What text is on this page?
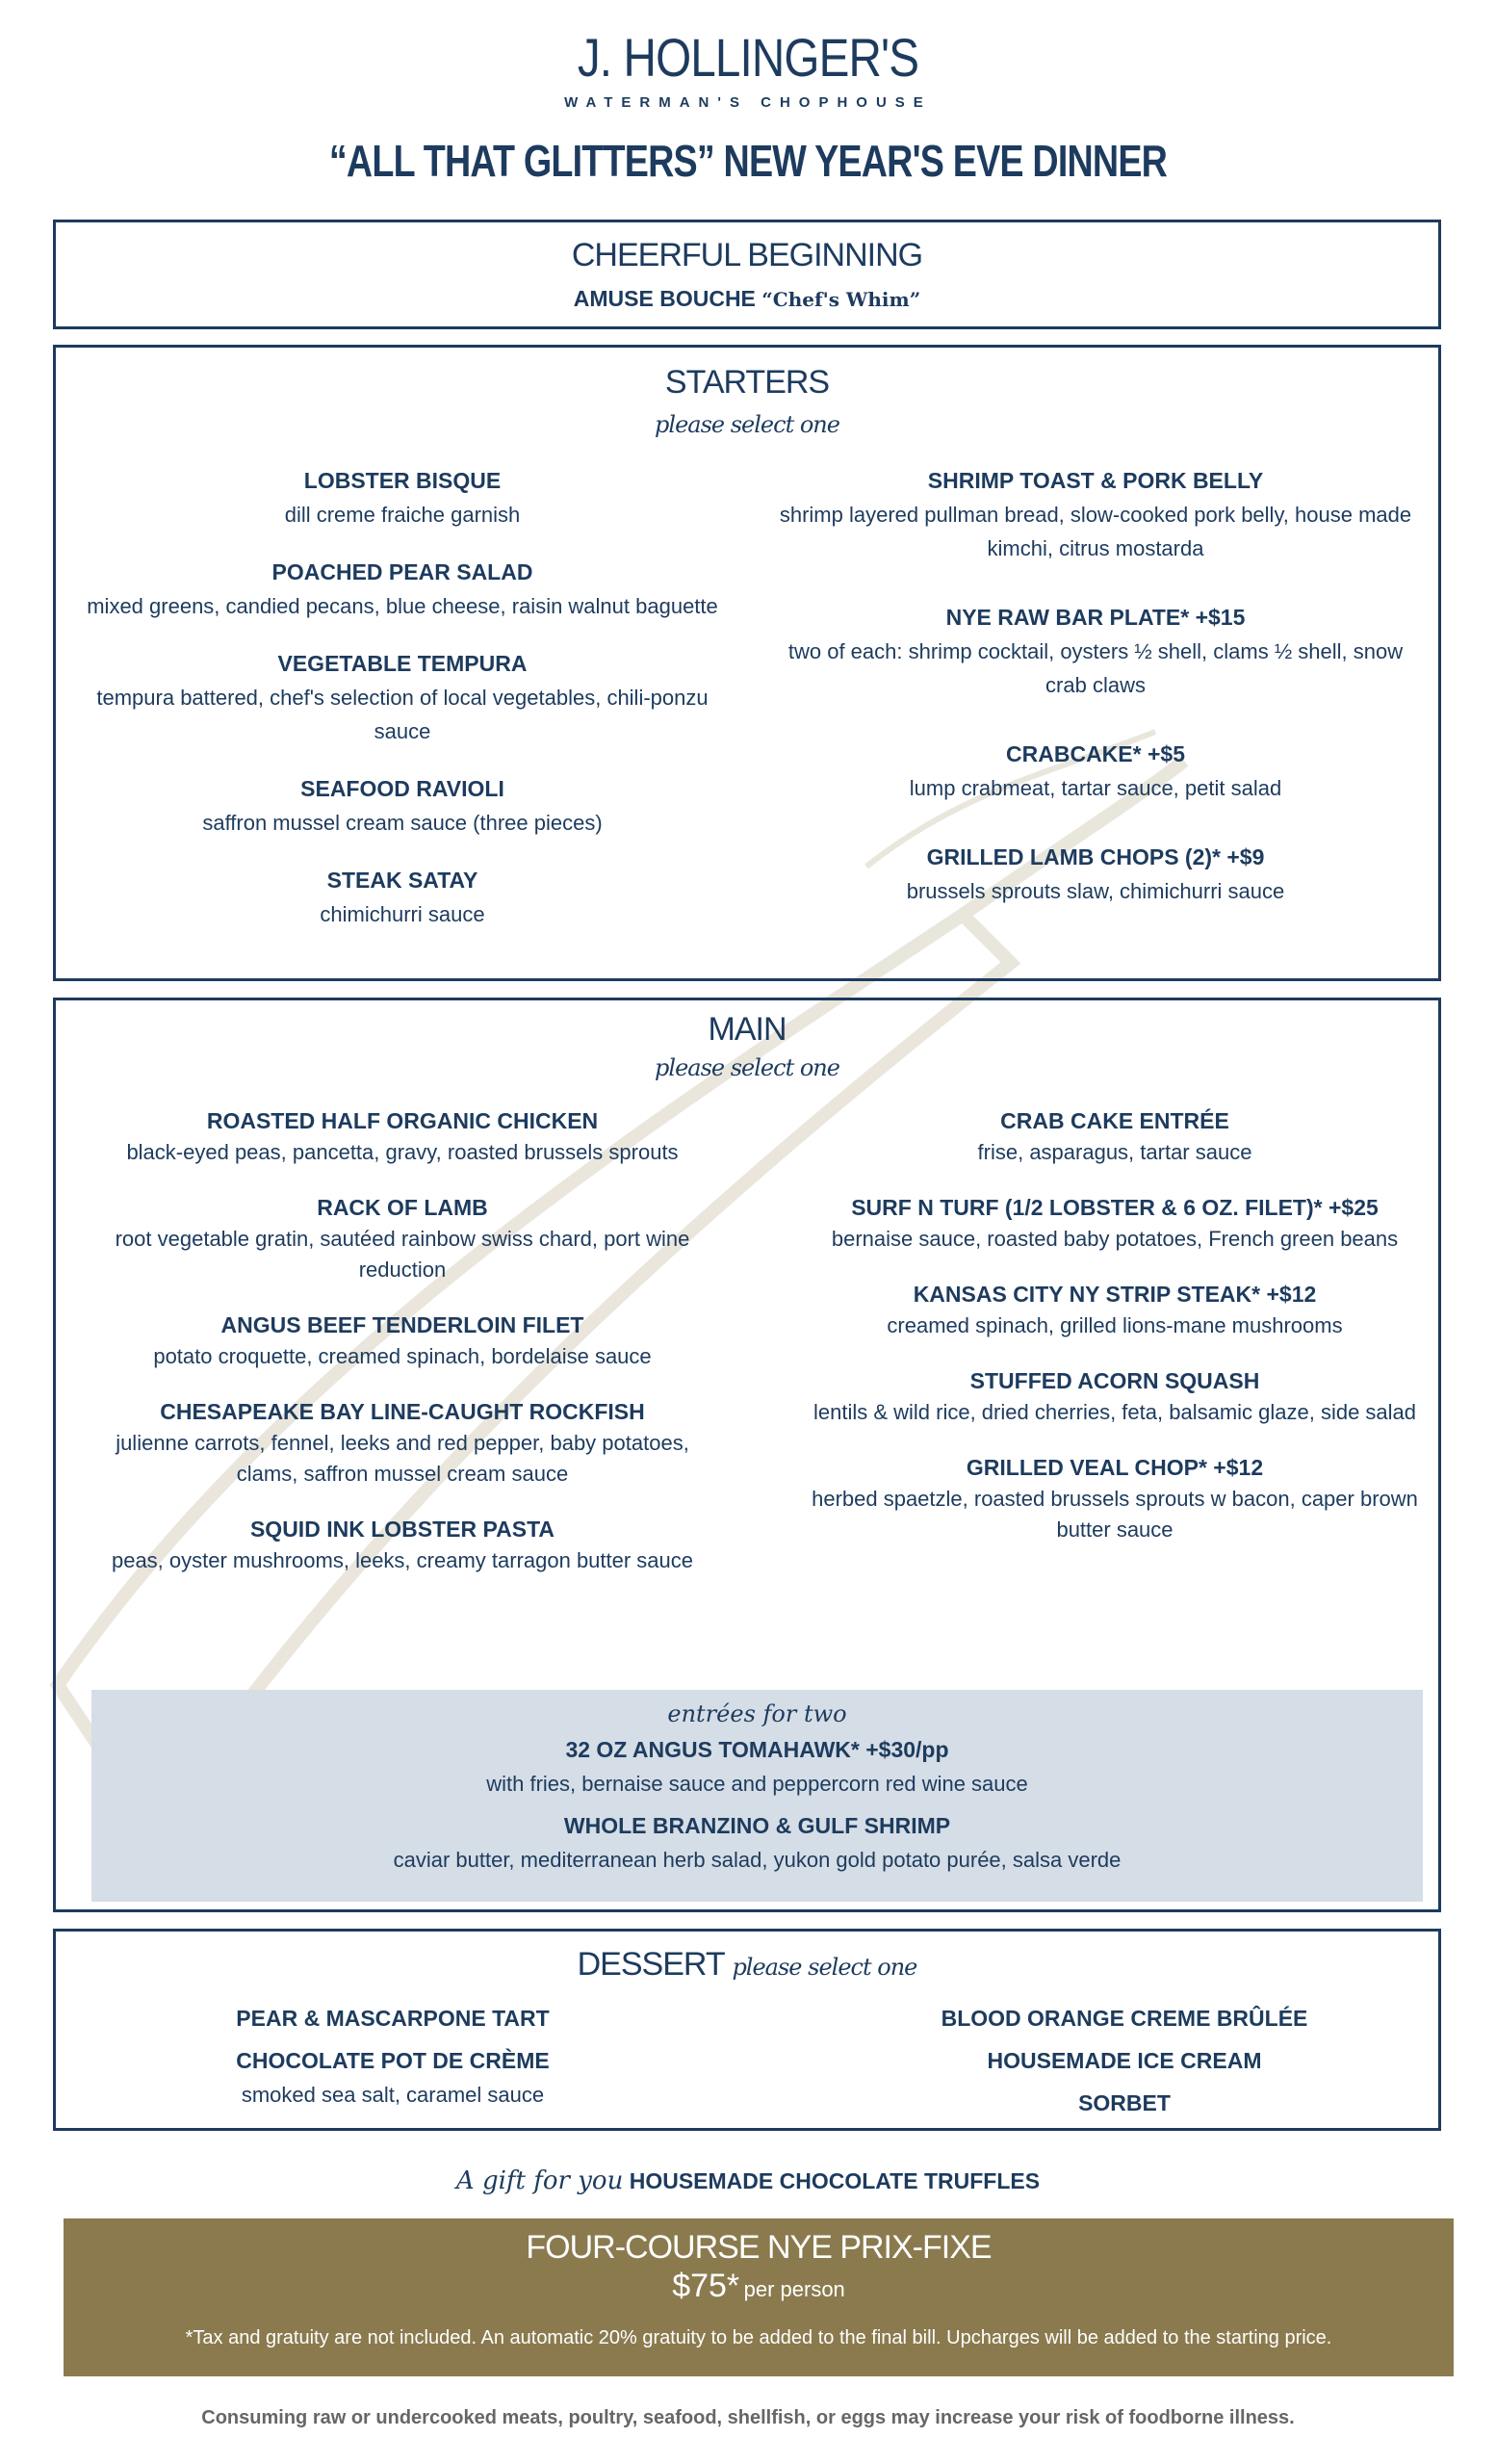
J. HOLLINGER'S
WATERMAN'S CHOPHOUSE
“ALL THAT GLITTERS” NEW YEAR'S EVE DINNER
CHEERFUL BEGINNING
AMUSE BOUCHE “Chef's Whim”
STARTERS
please select one
LOBSTER BISQUE
dill creme fraiche garnish
POACHED PEAR SALAD
mixed greens, candied pecans, blue cheese, raisin walnut baguette
VEGETABLE TEMPURA
tempura battered, chef's selection of local vegetables, chili-ponzu sauce
SEAFOOD RAVIOLI
saffron mussel cream sauce (three pieces)
STEAK SATAY
chimichurri sauce
SHRIMP TOAST & PORK BELLY
shrimp layered pullman bread, slow-cooked pork belly, house made kimchi, citrus mostarda
NYE RAW BAR PLATE* +$15
two of each: shrimp cocktail, oysters ½ shell, clams ½ shell, snow crab claws
CRABCAKE* +$5
lump crabmeat, tartar sauce, petit salad
GRILLED LAMB CHOPS (2)* +$9
brussels sprouts slaw, chimichurri sauce
MAIN
please select one
ROASTED HALF ORGANIC CHICKEN
black-eyed peas, pancetta, gravy, roasted brussels sprouts
RACK OF LAMB
root vegetable gratin, sautéed rainbow swiss chard, port wine reduction
ANGUS BEEF TENDERLOIN FILET
potato croquette, creamed spinach, bordelaise sauce
CHESAPEAKE BAY LINE-CAUGHT ROCKFISH
julienne carrots, fennel, leeks and red pepper, baby potatoes, clams, saffron mussel cream sauce
SQUID INK LOBSTER PASTA
peas, oyster mushrooms, leeks, creamy tarragon butter sauce
CRAB CAKE ENTRÉE
frise, asparagus, tartar sauce
SURF N TURF (1/2 LOBSTER & 6 OZ. FILET)* +$25
bernaise sauce, roasted baby potatoes, French green beans
KANSAS CITY NY STRIP STEAK* +$12
creamed spinach, grilled lions-mane mushrooms
STUFFED ACORN SQUASH
lentils & wild rice, dried cherries, feta, balsamic glaze, side salad
GRILLED VEAL CHOP* +$12
herbed spaetzle, roasted brussels sprouts w bacon, caper brown butter sauce
entrées for two
32 OZ ANGUS TOMAHAWK* +$30/pp
with fries, bernaise sauce and peppercorn red wine sauce
WHOLE BRANZINO & GULF SHRIMP
caviar butter, mediterranean herb salad, yukon gold potato purée, salsa verde
DESSERT please select one
PEAR & MASCARPONE TART
CHOCOLATE POT DE CRÈME
smoked sea salt, caramel sauce
BLOOD ORANGE CREME BRÛLÉE
HOUSEMADE ICE CREAM
SORBET
A gift for you HOUSEMADE CHOCOLATE TRUFFLES
FOUR-COURSE NYE PRIX-FIXE
$75* per person
*Tax and gratuity are not included. An automatic 20% gratuity to be added to the final bill. Upcharges will be added to the starting price.
Consuming raw or undercooked meats, poultry, seafood, shellfish, or eggs may increase your risk of foodborne illness.
